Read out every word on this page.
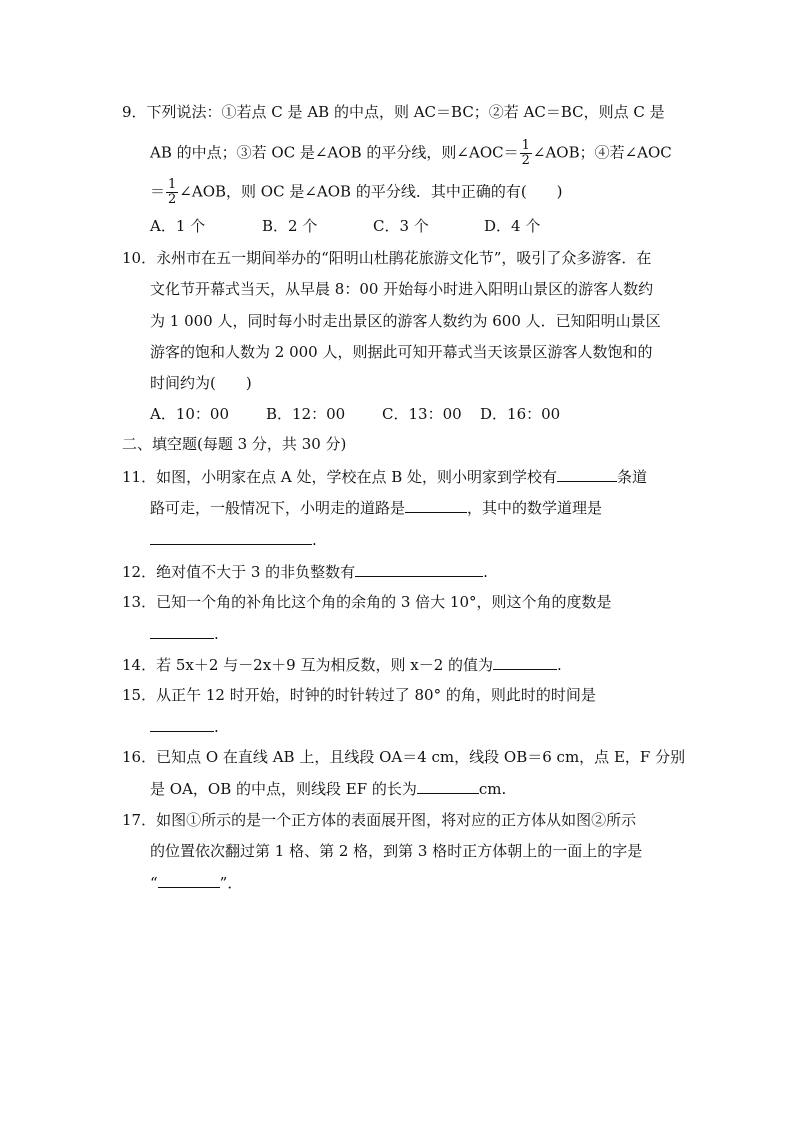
9．下列说法：①若点 C 是 AB 的中点，则 AC＝BC；②若 AC＝BC，则点 C 是
AB 的中点；③若 OC 是∠AOB 的平分线，则∠AOC＝ $\frac{1}{2}$ ∠AOB；④若∠AOC
＝ $\frac{1}{2}$ ∠AOB，则 OC 是∠AOB 的平分线．其中正确的有(　　)
A．1 个	B．2 个	C．3 个	D．4 个
10．永州市在五一期间举办的“阳明山杜鹃花旅游文化节”，吸引了众多游客．在
文化节开幕式当天，从早晨 8：00 开始每小时进入阳明山景区的游客人数约
为 1 000 人，同时每小时走出景区的游客人数约为 600 人．已知阳明山景区
游客的饱和人数为 2 000 人，则据此可知开幕式当天该景区游客人数饱和的
时间约为(　　)
A．10：00 B．12：00 C．13：00 D．16：00
二、填空题(每题 3 分，共 30 分)
11．如图，小明家在点 A 处，学校在点 B 处，则小明家到学校有	条道
路可走，一般情况下，小明走的道路是	，其中的数学道理是
.
12．绝对值不大于 3 的非负整数有	.
13．已知一个角的补角比这个角的余角的 3 倍大 10°，则这个角的度数是
.
14．若 5x＋2 与－2x＋9 互为相反数，则 x－2 的值为	.
15．从正午 12 时开始，时钟的时针转过了 80° 的角，则此时的时间是
.
16．已知点 O 在直线 AB 上，且线段 OA＝4 cm，线段 OB＝6 cm，点 E，F 分别
是 OA，OB 的中点，则线段 EF 的长为	cm.
17．如图①所示的是一个正方体的表面展开图，将对应的正方体从如图②所示
的位置依次翻过第 1 格、第 2 格，到第 3 格时正方体朝上的一面上的字是
“	”．
